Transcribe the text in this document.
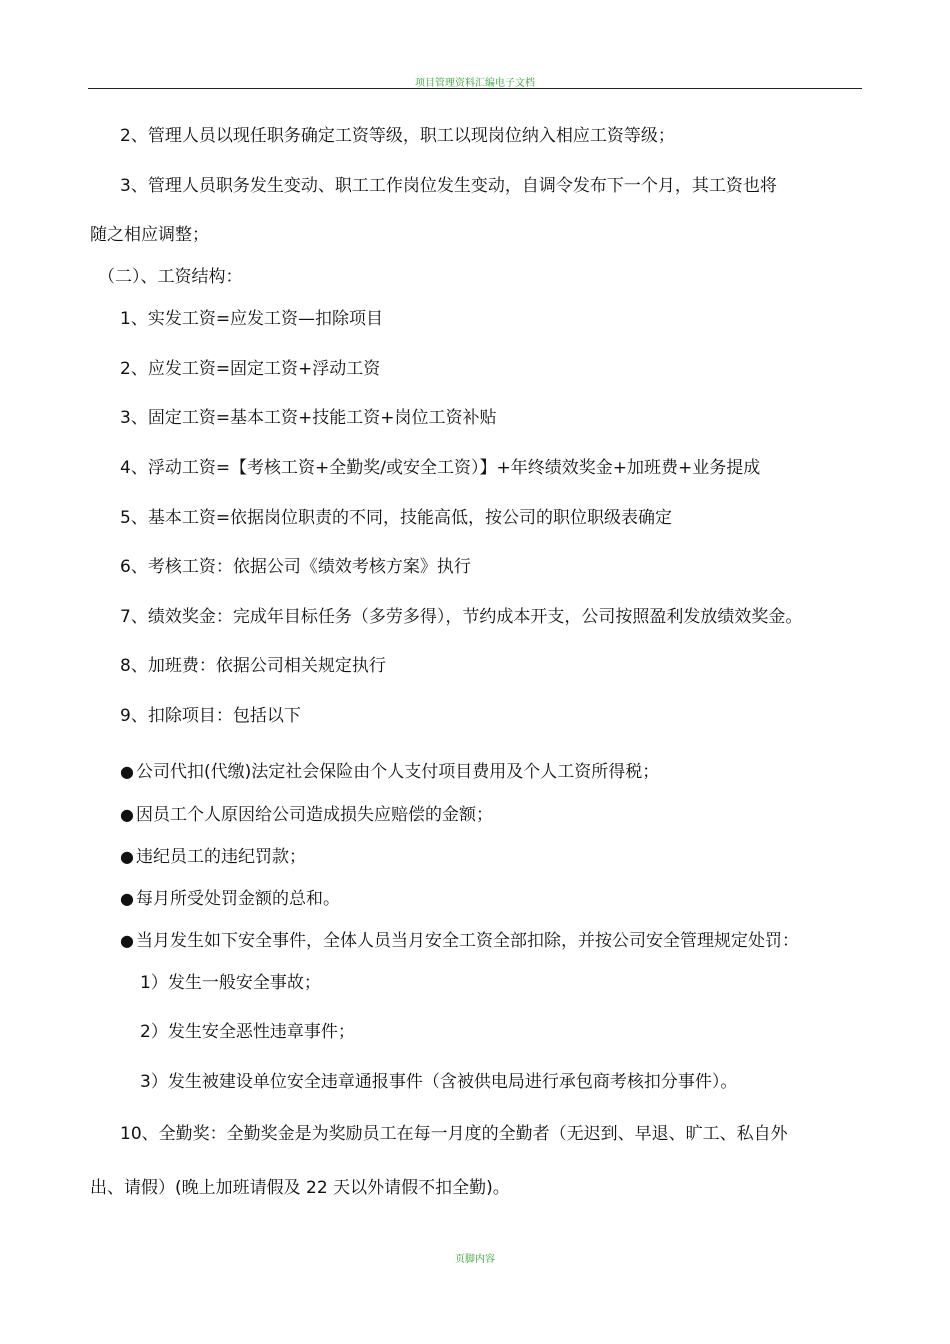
项目管理资料汇编电子文档
2、管理人员以现任职务确定工资等级，职工以现岗位纳入相应工资等级；
3、管理人员职务发生变动、职工工作岗位发生变动，自调令发布下一个月，其工资也将
随之相应调整；
（二）、工资结构：
1、实发工资=应发工资—扣除项目
2、应发工资=固定工资+浮动工资
3、固定工资=基本工资+技能工资+岗位工资补贴
4、浮动工资=【考核工资+全勤奖/或安全工资）】+年终绩效奖金+加班费+业务提成
5、基本工资=依据岗位职责的不同，技能高低，按公司的职位职级表确定
6、考核工资：依据公司《绩效考核方案》执行
7、绩效奖金：完成年目标任务（多劳多得），节约成本开支，公司按照盈利发放绩效奖金。
8、加班费：依据公司相关规定执行
9、扣除项目：包括以下
● 公司代扣(代缴)法定社会保险由个人支付项目费用及个人工资所得税；
● 因员工个人原因给公司造成损失应赔偿的金额；
● 违纪员工的违纪罚款；
● 每月所受处罚金额的总和。
● 当月发生如下安全事件，全体人员当月安全工资全部扣除，并按公司安全管理规定处罚：
1）发生一般安全事故；
2）发生安全恶性违章事件；
3）发生被建设单位安全违章通报事件（含被供电局进行承包商考核扣分事件）。
10、全勤奖：全勤奖金是为奖励员工在每一月度的全勤者（无迟到、早退、旷工、私自外
出、请假）(晚上加班请假及 22 天以外请假不扣全勤)。
页脚内容
